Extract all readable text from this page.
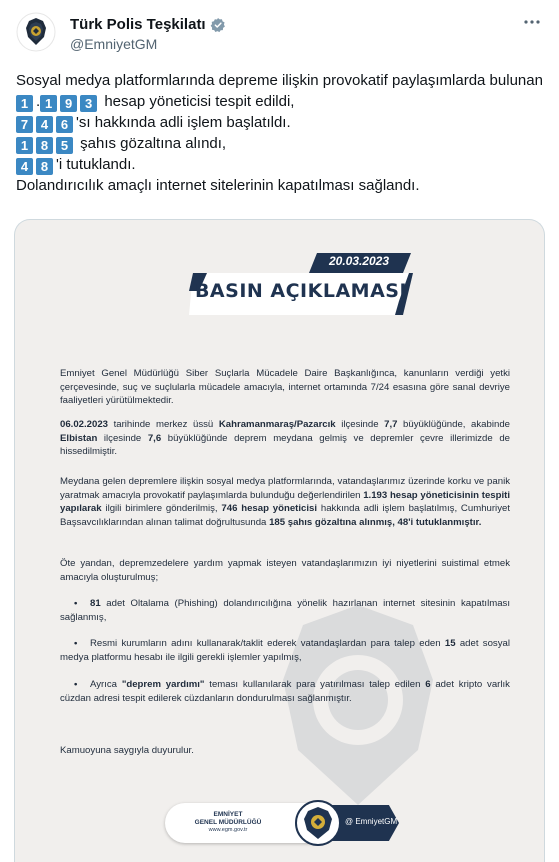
Türk Polis Teşkilatı
@EmniyetGM
Sosyal medya platformlarında depreme ilişkin provokatif paylaşımlarda bulunan
1 . 1 9 3 hesap yöneticisi tespit edildi,
7 4 6 'sı hakkında adli işlem başlatıldı.
1 8 5 şahıs gözaltına alındı,
4 8 'i tutuklandı.
Dolandırıcılık amaçlı internet sitelerinin kapatılması sağlandı.
20.03.2023
BASIN AÇIKLAMASI
Emniyet Genel Müdürlüğü Siber Suçlarla Mücadele Daire Başkanlığınca, kanunların verdiği yetki çerçevesinde, suç ve suçlularla mücadele amacıyla, internet ortamında 7/24 esasına göre sanal devriye faaliyetleri yürütülmektedir.
06.02.2023 tarihinde merkez üssü Kahramanmaraş/Pazarcık ilçesinde 7,7 büyüklüğünde, akabinde Elbistan ilçesinde 7,6 büyüklüğünde deprem meydana gelmiş ve depremler çevre illerimizde de hissedilmiştir.
Meydana gelen depremlere ilişkin sosyal medya platformlarında, vatandaşlarımız üzerinde korku ve panik yaratmak amacıyla provokatif paylaşımlarda bulunduğu değerlendirilen 1.193 hesap yöneticisinin tespiti yapılarak ilgili birimlere gönderilmiş, 746 hesap yöneticisi hakkında adli işlem başlatılmış, Cumhuriyet Başsavcılıklarından alınan talimat doğrultusunda 185 şahıs gözaltına alınmış, 48'i tutuklanmıştır.
Öte yandan, depremzedelere yardım yapmak isteyen vatandaşlarımızın iyi niyetlerini suistimal etmek amacıyla oluşturulmuş;
• 81 adet Oltalama (Phishing) dolandırıcılığına yönelik hazırlanan internet sitesinin kapatılması sağlanmış,
• Resmi kurumların adını kullanarak/taklit ederek vatandaşlardan para talep eden 15 adet sosyal medya platformu hesabı ile ilgili gerekli işlemler yapılmış,
• Ayrıca "deprem yardımı" teması kullanılarak para yatırılması talep edilen 6 adet kripto varlık cüzdan adresi tespit edilerek cüzdanların dondurulması sağlanmıştır.
Kamuoyuna saygıyla duyurulur.
EMNİYET
GENEL MÜDÜRLÜĞÜ
www.egm.gov.tr
@ EmniyetGM
